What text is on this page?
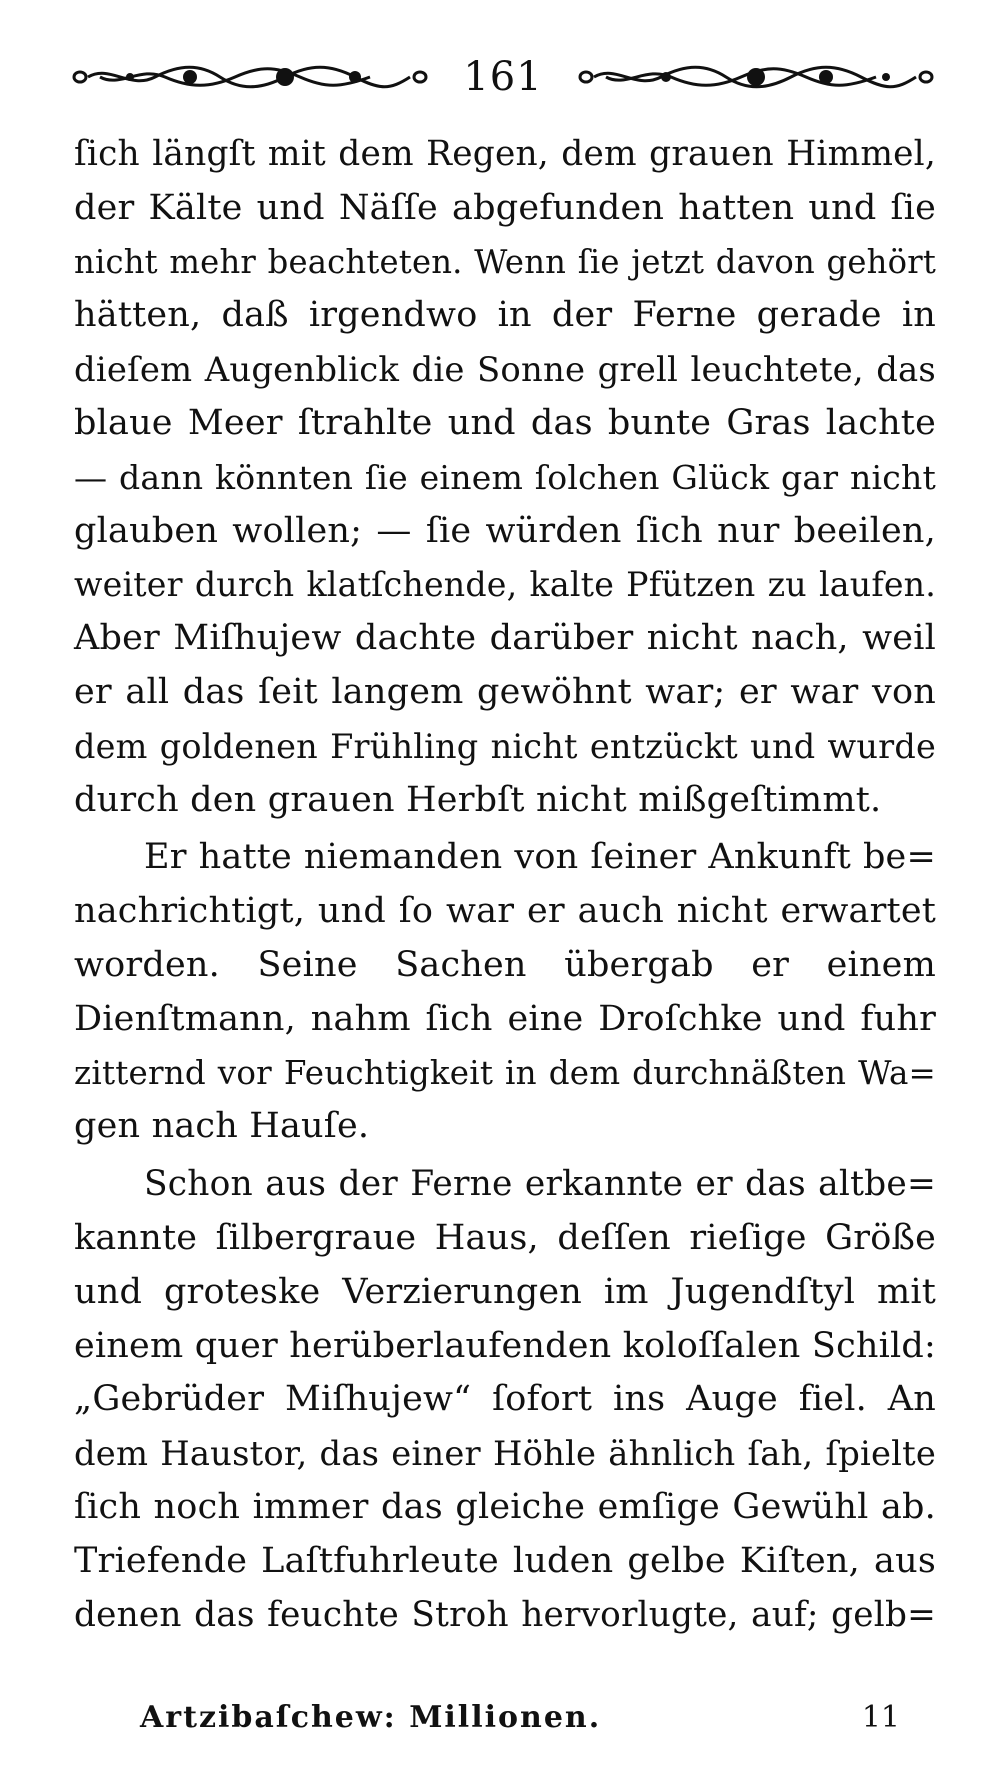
161
ſich längſt mit dem Regen, dem grauen Himmel,
der Kälte und Näſſe abgefunden hatten und ſie
nicht mehr beachteten. Wenn ſie jetzt davon gehört
hätten, daß irgendwo in der Ferne gerade in
dieſem Augenblick die Sonne grell leuchtete, das
blaue Meer ſtrahlte und das bunte Gras lachte
— dann könnten ſie einem ſolchen Glück gar nicht
glauben wollen; — ſie würden ſich nur beeilen,
weiter durch klatſchende, kalte Pfützen zu laufen.
Aber Miſhujew dachte darüber nicht nach, weil
er all das ſeit langem gewöhnt war; er war von
dem goldenen Frühling nicht entzückt und wurde
durch den grauen Herbſt nicht mißgeſtimmt.
Er hatte niemanden von ſeiner Ankunft be=
nachrichtigt, und ſo war er auch nicht erwartet
worden. Seine Sachen übergab er einem
Dienſtmann, nahm ſich eine Droſchke und fuhr
zitternd vor Feuchtigkeit in dem durchnäßten Wa=
gen nach Hauſe.
Schon aus der Ferne erkannte er das altbe=
kannte ſilbergraue Haus, deſſen rieſige Größe
und groteske Verzierungen im Jugendſtyl mit
einem quer herüberlaufenden koloſſalen Schild:
„Gebrüder Miſhujew“ ſofort ins Auge fiel. An
dem Haustor, das einer Höhle ähnlich ſah, ſpielte
ſich noch immer das gleiche emſige Gewühl ab.
Triefende Laſtfuhrleute luden gelbe Kiſten, aus
denen das feuchte Stroh hervorlugte, auf; gelb=
Artzibaſchew: Millionen.	11
